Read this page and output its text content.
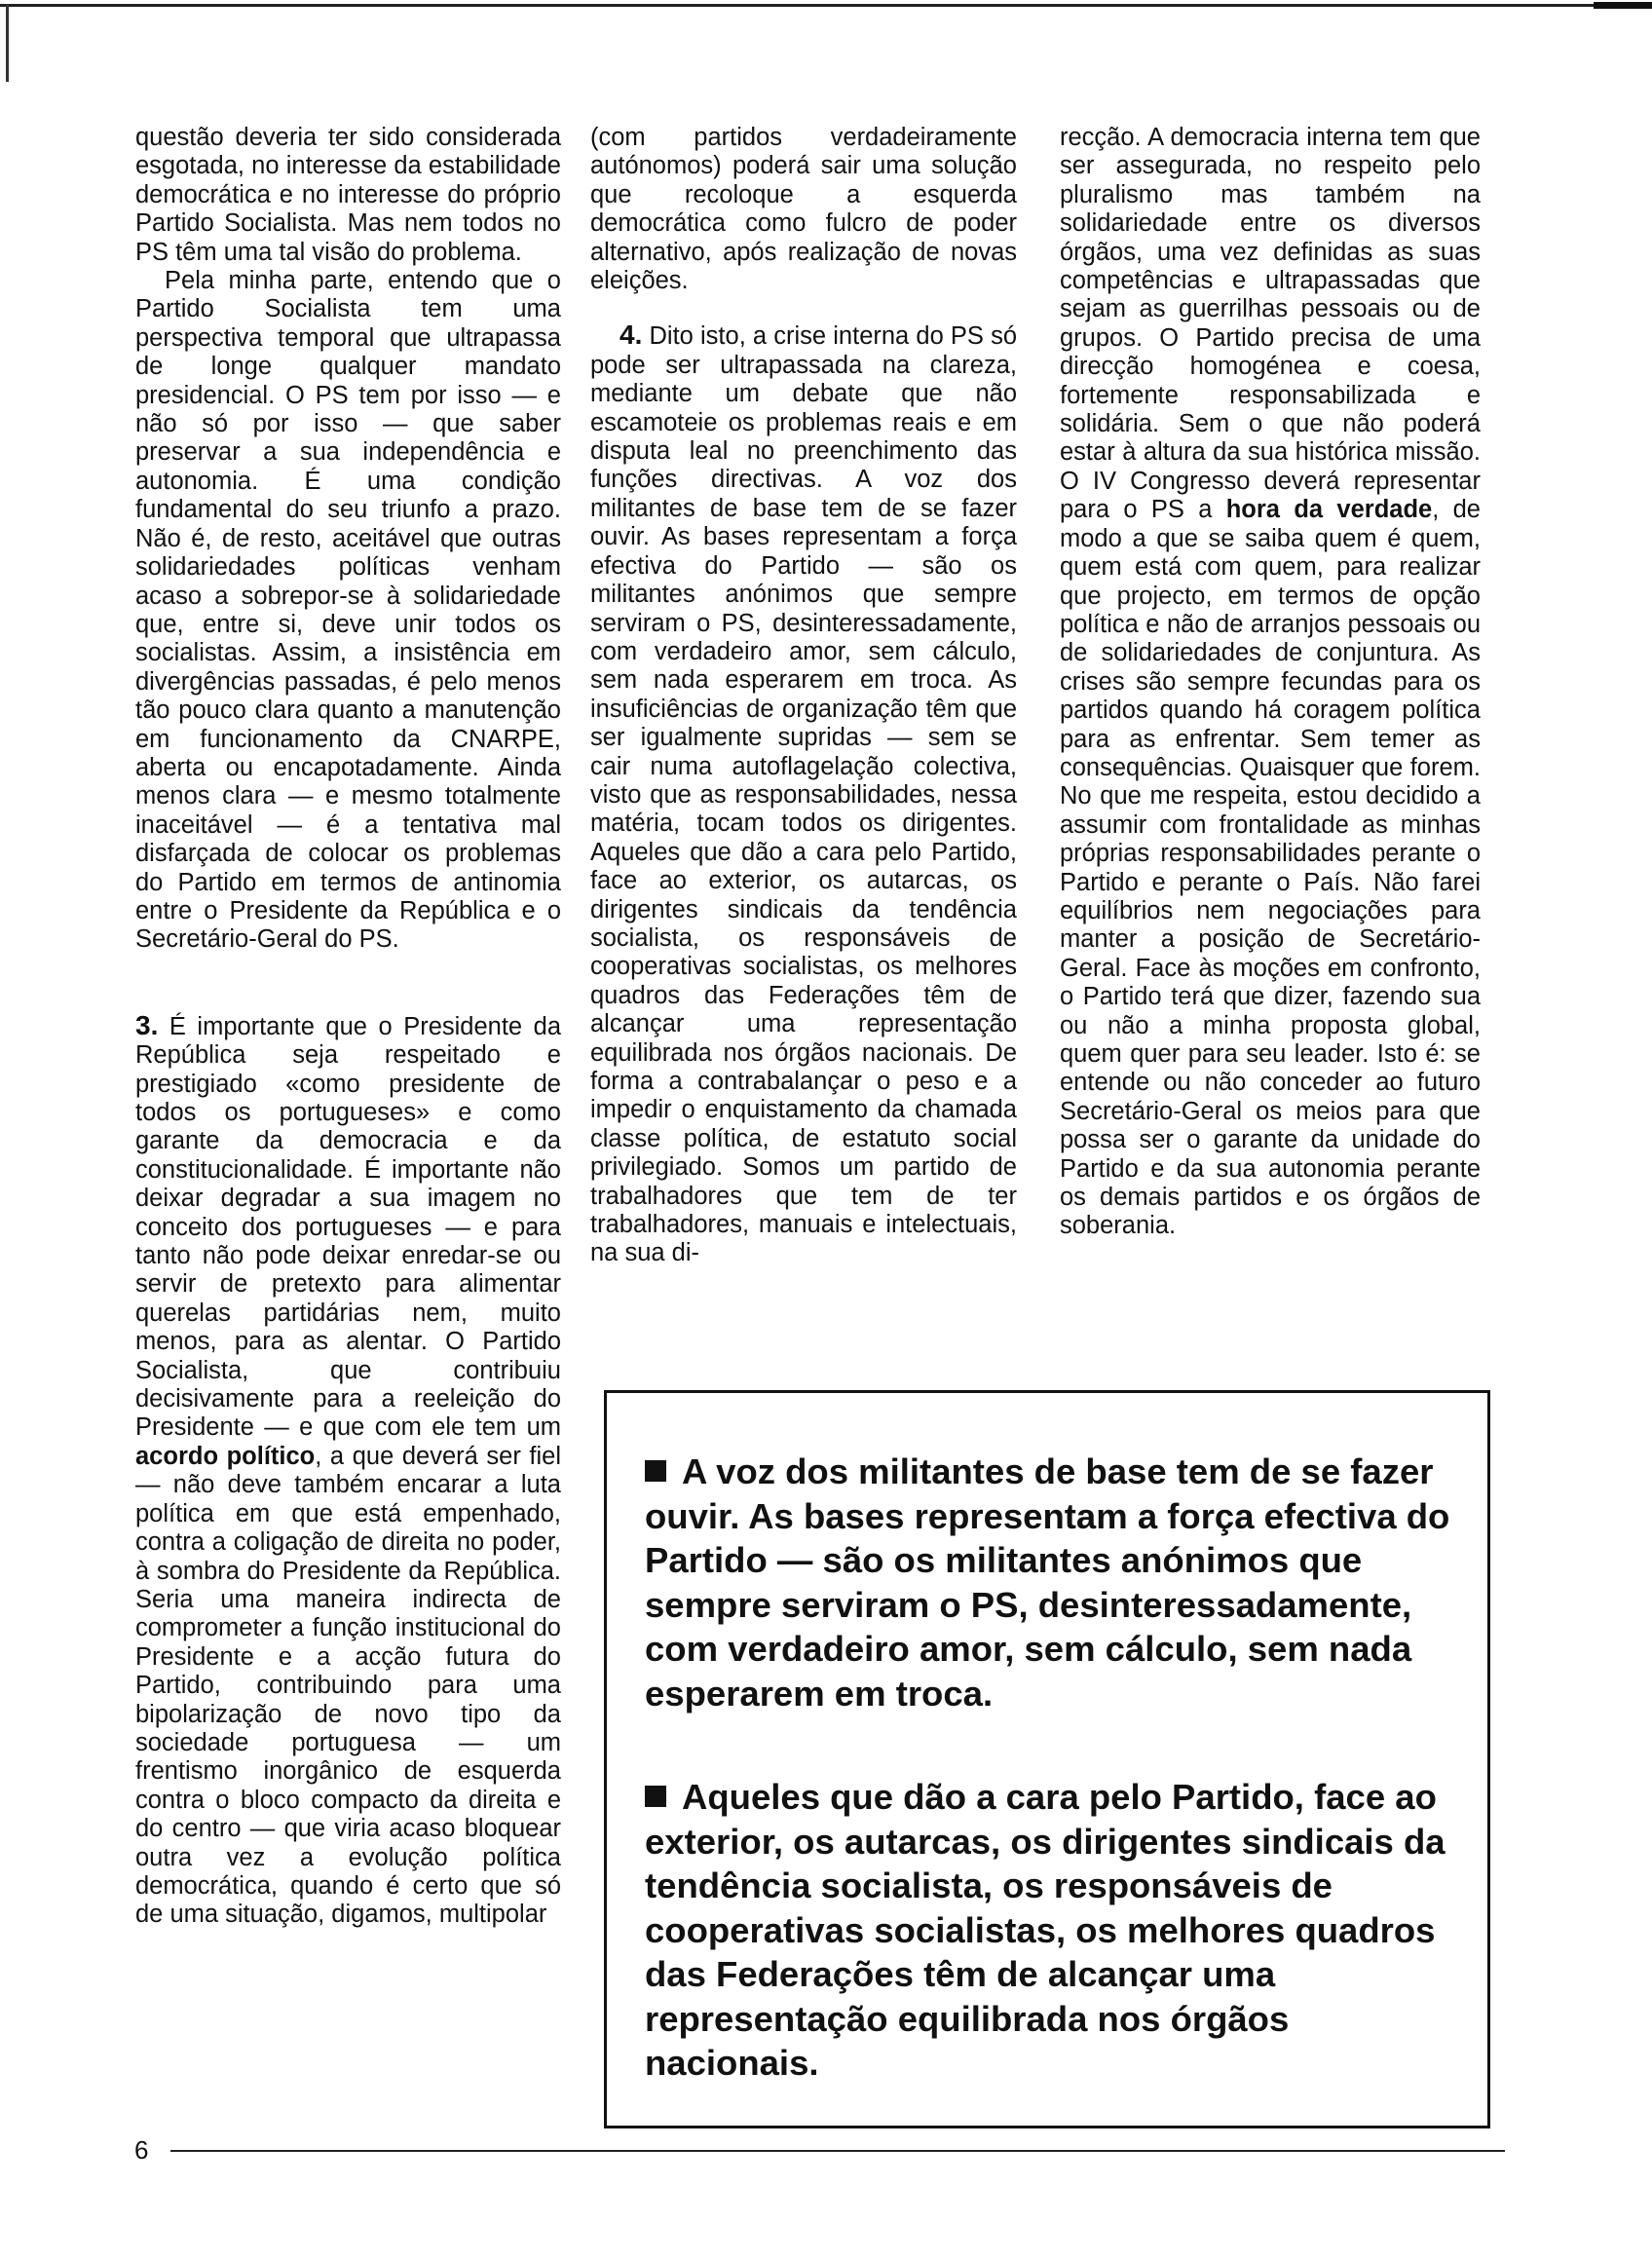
questão deveria ter sido considerada esgotada, no interesse da estabilidade democrática e no interesse do próprio Partido Socialista. Mas nem todos no PS têm uma tal visão do problema.

Pela minha parte, entendo que o Partido Socialista tem uma perspectiva temporal que ultrapassa de longe qualquer mandato presidencial. O PS tem por isso — e não só por isso — que saber preservar a sua independência e autonomia. É uma condição fundamental do seu triunfo a prazo. Não é, de resto, aceitável que outras solidariedades políticas venham acaso a sobrepor-se à solidariedade que, entre si, deve unir todos os socialistas. Assim, a insistência em divergências passadas, é pelo menos tão pouco clara quanto a manutenção em funcionamento da CNARPE, aberta ou encapotadamente. Ainda menos clara — e mesmo totalmente inaceitável — é a tentativa mal disfarçada de colocar os problemas do Partido em termos de antinomia entre o Presidente da República e o Secretário-Geral do PS.

3. É importante que o Presidente da República seja respeitado e prestigiado «como presidente de todos os portugueses» e como garante da democracia e da constitucionalidade. É importante não deixar degradar a sua imagem no conceito dos portugueses — e para tanto não pode deixar enredar-se ou servir de pretexto para alimentar querelas partidárias nem, muito menos, para as alentar. O Partido Socialista, que contribuiu decisivamente para a reeleição do Presidente — e que com ele tem um acordo político, a que deverá ser fiel — não deve também encarar a luta política em que está empenhado, contra a coligação de direita no poder, à sombra do Presidente da República. Seria uma maneira indirecta de comprometer a função institucional do Presidente e a acção futura do Partido, contribuindo para uma bipolarização de novo tipo da sociedade portuguesa — um frentismo inorgânico de esquerda contra o bloco compacto da direita e do centro — que viria acaso bloquear outra vez a evolução política democrática, quando é certo que só de uma situação, digamos, multipolar

(com partidos verdadeiramente autónomos) poderá sair uma solução que recoloque a esquerda democrática como fulcro de poder alternativo, após realização de novas eleições.

4. Dito isto, a crise interna do PS só pode ser ultrapassada na clareza, mediante um debate que não escamoteie os problemas reais e em disputa leal no preenchimento das funções directivas. A voz dos militantes de base tem de se fazer ouvir. As bases representam a força efectiva do Partido — são os militantes anónimos que sempre serviram o PS, desinteressadamente, com verdadeiro amor, sem cálculo, sem nada esperarem em troca. As insuficiências de organização têm que ser igualmente supridas — sem se cair numa autoflagelação colectiva, visto que as responsabilidades, nessa matéria, tocam todos os dirigentes. Aqueles que dão a cara pelo Partido, face ao exterior, os autarcas, os dirigentes sindicais da tendência socialista, os responsáveis de cooperativas socialistas, os melhores quadros das Federações têm de alcançar uma representação equilibrada nos órgãos nacionais. De forma a contrabalançar o peso e a impedir o enquistamento da chamada classe política, de estatuto social privilegiado. Somos um partido de trabalhadores que tem de ter trabalhadores, manuais e intelectuais, na sua di-

recção. A democracia interna tem que ser assegurada, no respeito pelo pluralismo mas também na solidariedade entre os diversos órgãos, uma vez definidas as suas competências e ultrapassadas que sejam as guerrilhas pessoais ou de grupos. O Partido precisa de uma direcção homogénea e coesa, fortemente responsabilizada e solidária. Sem o que não poderá estar à altura da sua histórica missão. O IV Congresso deverá representar para o PS a hora da verdade, de modo a que se saiba quem é quem, quem está com quem, para realizar que projecto, em termos de opção política e não de arranjos pessoais ou de solidariedades de conjuntura. As crises são sempre fecundas para os partidos quando há coragem política para as enfrentar. Sem temer as consequências. Quaisquer que forem. No que me respeita, estou decidido a assumir com frontalidade as minhas próprias responsabilidades perante o Partido e perante o País. Não farei equilíbrios nem negociações para manter a posição de Secretário-Geral. Face às moções em confronto, o Partido terá que dizer, fazendo sua ou não a minha proposta global, quem quer para seu leader. Isto é: se entende ou não conceder ao futuro Secretário-Geral os meios para que possa ser o garante da unidade do Partido e da sua autonomia perante os demais partidos e os órgãos de soberania.

A voz dos militantes de base tem de se fazer ouvir. As bases representam a força efectiva do Partido — são os militantes anónimos que sempre serviram o PS, desinteressadamente, com verdadeiro amor, sem cálculo, sem nada esperarem em troca.
Aqueles que dão a cara pelo Partido, face ao exterior, os autarcas, os dirigentes sindicais da tendência socialista, os responsáveis de cooperativas socialistas, os melhores quadros das Federações têm de alcançar uma representação equilibrada nos órgãos nacionais.
6
